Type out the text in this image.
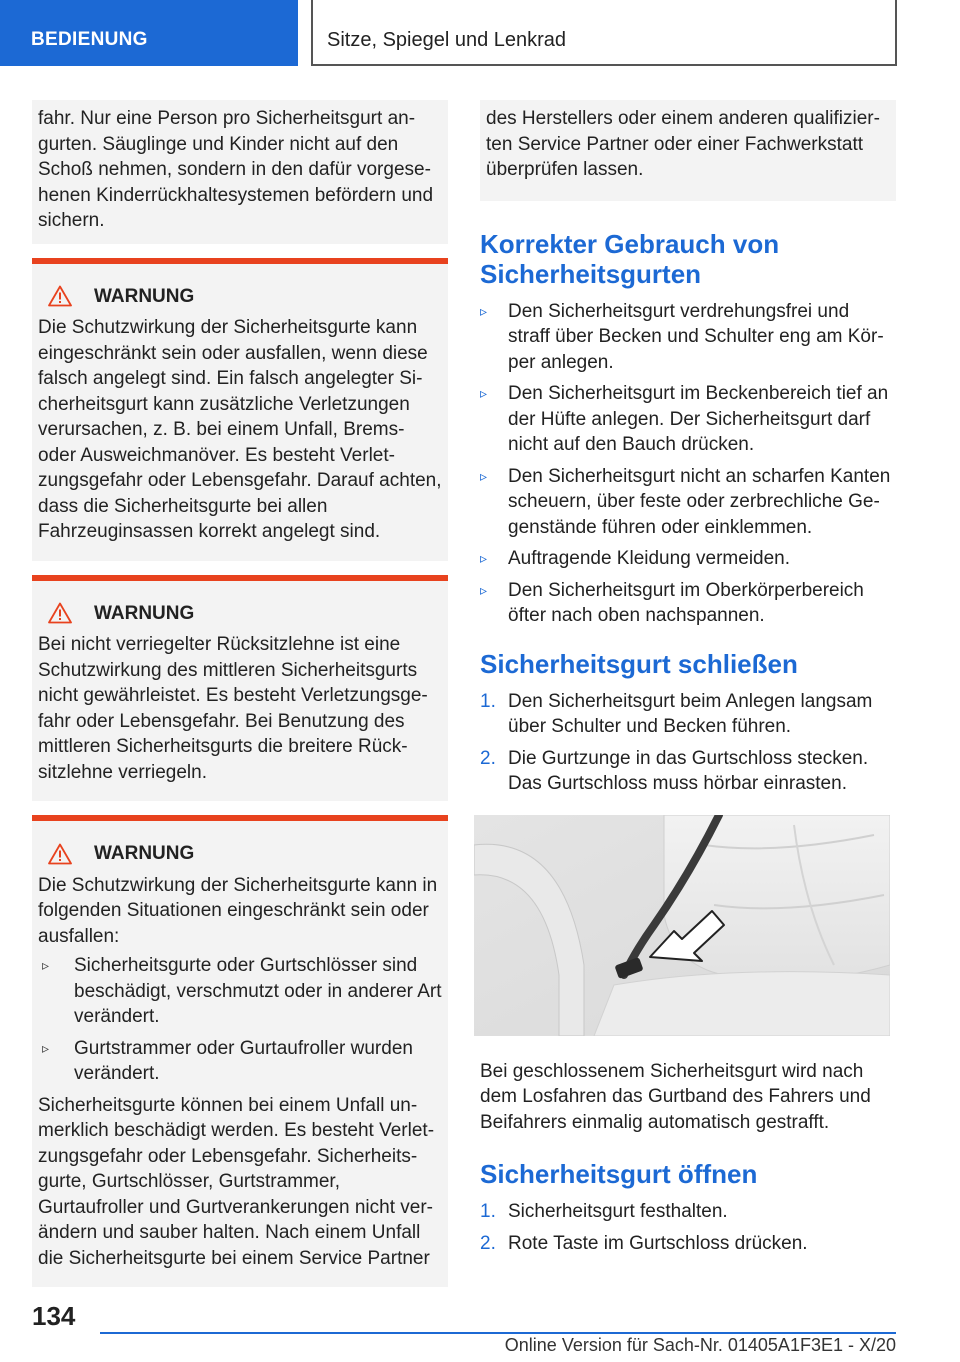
BEDIENUNG	Sitze, Spiegel und Lenkrad

fahr. Nur eine Person pro Sicherheitsgurt angurten. Säuglinge und Kinder nicht auf den Schoß nehmen, sondern in den dafür vorgesehenen Kinderrückhaltesystemen befördern und sichern.

WARNUNG

Die Schutzwirkung der Sicherheitsgurte kann eingeschränkt sein oder ausfallen, wenn diese falsch angelegt sind. Ein falsch angelegter Sicherheitsgurt kann zusätzliche Verletzungen verursachen, z. B. bei einem Unfall, Brems- oder Ausweichmanöver. Es besteht Verletzungsgefahr oder Lebensgefahr. Darauf achten, dass die Sicherheitsgurte bei allen Fahrzeuginsassen korrekt angelegt sind.

WARNUNG

Bei nicht verriegelter Rücksitzlehne ist eine Schutzwirkung des mittleren Sicherheitsgurts nicht gewährleistet. Es besteht Verletzungsgefahr oder Lebensgefahr. Bei Benutzung des mittleren Sicherheitsgurts die breitere Rücksitzlehne verriegeln.

WARNUNG

Die Schutzwirkung der Sicherheitsgurte kann in folgenden Situationen eingeschränkt sein oder ausfallen:

▹	Sicherheitsgurte oder Gurtschlösser sind beschädigt, verschmutzt oder in anderer Art verändert.
▹	Gurtstrammer oder Gurtaufroller wurden verändert.

Sicherheitsgurte können bei einem Unfall unmerklich beschädigt werden. Es besteht Verletzungsgefahr oder Lebensgefahr. Sicherheitsgurte, Gurtschlösser, Gurtstrammer, Gurtaufroller und Gurtverankerungen nicht verändern und sauber halten. Nach einem Unfall die Sicherheitsgurte bei einem Service Partner

des Herstellers oder einem anderen qualifizierten Service Partner oder einer Fachwerkstatt überprüfen lassen.

Korrekter Gebrauch von Sicherheitsgurten
▹	Den Sicherheitsgurt verdrehungsfrei und straff über Becken und Schulter eng am Körper anlegen.
▹	Den Sicherheitsgurt im Beckenbereich tief an der Hüfte anlegen. Der Sicherheitsgurt darf nicht auf den Bauch drücken.
▹	Den Sicherheitsgurt nicht an scharfen Kanten scheuern, über feste oder zerbrechliche Gegenstände führen oder einklemmen.
▹	Auftragende Kleidung vermeiden.
▹	Den Sicherheitsgurt im Oberkörperbereich öfter nach oben nachspannen.
Sicherheitsgurt schließen
1. Den Sicherheitsgurt beim Anlegen langsam über Schulter und Becken führen.
2. Die Gurtzunge in das Gurtschloss stecken. Das Gurtschloss muss hörbar einrasten.

Bei geschlossenem Sicherheitsgurt wird nach dem Losfahren das Gurtband des Fahrers und Beifahrers einmalig automatisch gestrafft.

Sicherheitsgurt öffnen
1. Sicherheitsgurt festhalten.
2. Rote Taste im Gurtschloss drücken.
134
Online Version für Sach-Nr. 01405A1F3E1 - X/20
